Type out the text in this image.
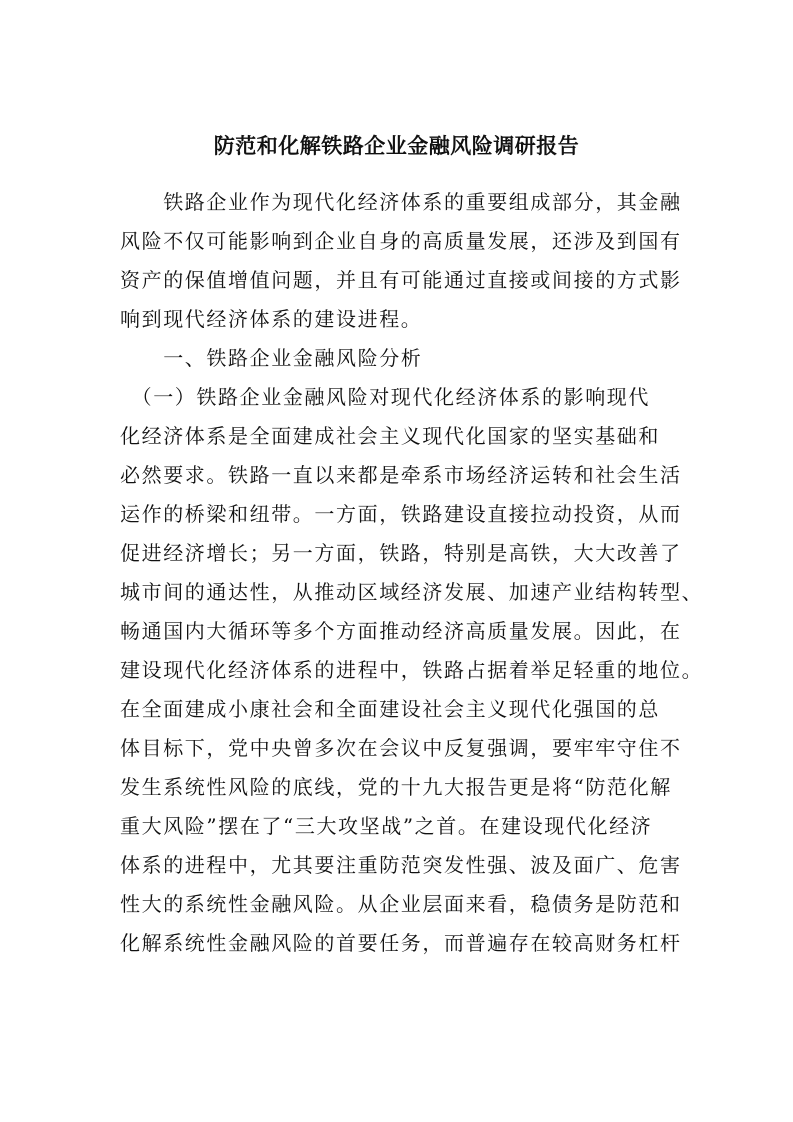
防范和化解铁路企业金融风险调研报告
　　铁路企业作为现代化经济体系的重要组成部分，其金融
风险不仅可能影响到企业自身的高质量发展，还涉及到国有
资产的保值增值问题，并且有可能通过直接或间接的方式影
响到现代经济体系的建设进程。
　　一、铁路企业金融风险分析
　（一）铁路企业金融风险对现代化经济体系的影响现代
化经济体系是全面建成社会主义现代化国家的坚实基础和
必然要求。铁路一直以来都是牵系市场经济运转和社会生活
运作的桥梁和纽带。一方面，铁路建设直接拉动投资，从而
促进经济增长；另一方面，铁路，特别是高铁，大大改善了
城市间的通达性，从推动区域经济发展、加速产业结构转型、
畅通国内大循环等多个方面推动经济高质量发展。因此，在
建设现代化经济体系的进程中，铁路占据着举足轻重的地位。
在全面建成小康社会和全面建设社会主义现代化强国的总
体目标下，党中央曾多次在会议中反复强调，要牢牢守住不
发生系统性风险的底线，党的十九大报告更是将“防范化解
重大风险”摆在了“三大攻坚战”之首。在建设现代化经济
体系的进程中，尤其要注重防范突发性强、波及面广、危害
性大的系统性金融风险。从企业层面来看，稳债务是防范和
化解系统性金融风险的首要任务，而普遍存在较高财务杠杆
